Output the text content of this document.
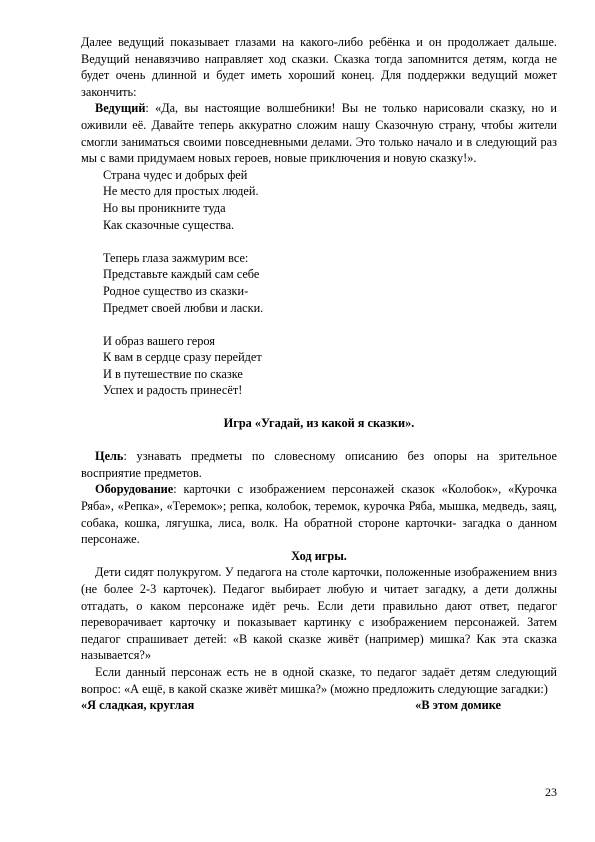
Далее ведущий показывает глазами на какого-либо ребёнка и он продолжает дальше. Ведущий ненавязчиво направляет ход сказки. Сказка тогда запомнится детям, когда не будет очень длинной и будет иметь хороший конец. Для поддержки ведущий может закончить:

Ведущий: «Да, вы настоящие волшебники! Вы не только нарисовали сказку, но и оживили её. Давайте теперь аккуратно сложим нашу Сказочную страну, чтобы жители смогли заниматься своими повседневными делами. Это только начало и в следующий раз мы с вами придумаем новых героев, новые приключения и новую сказку!».

Страна чудес и добрых фей
Не место для простых людей.
Но вы проникните туда
Как сказочные существа.
Теперь глаза зажмурим все:
Представьте каждый сам себе
Родное существо из сказки-
Предмет своей любви и ласки.
И образ вашего героя
К вам в сердце сразу перейдет
И в путешествие по сказке
Успех и радость принесёт!

Игра «Угадай, из какой я сказки».

Цель: узнавать предметы по словесному описанию без опоры на зрительное восприятие предметов.

Оборудование: карточки с изображением персонажей сказок «Колобок», «Курочка Ряба», «Репка», «Теремок»; репка, колобок, теремок, курочка Ряба, мышка, медведь, заяц, собака, кошка, лягушка, лиса, волк. На обратной стороне карточки- загадка о данном персонаже.

Ход игры.

Дети сидят полукругом. У педагога на столе карточки, положенные изображением вниз (не более 2-3 карточек). Педагог выбирает любую и читает загадку, а дети должны отгадать, о каком персонаже идёт речь. Если дети правильно дают ответ, педагог переворачивает карточку и показывает картинку с изображением персонажей. Затем педагог спрашивает детей: «В какой сказке живёт (например) мишка? Как эта сказка называется?»

Если данный персонаж есть не в одной сказке, то педагог задаёт детям следующий вопрос: «А ещё, в какой сказке живёт мишка?» (можно предложить следующие загадки:)

«Я сладкая, круглая	«В этом домике
23
